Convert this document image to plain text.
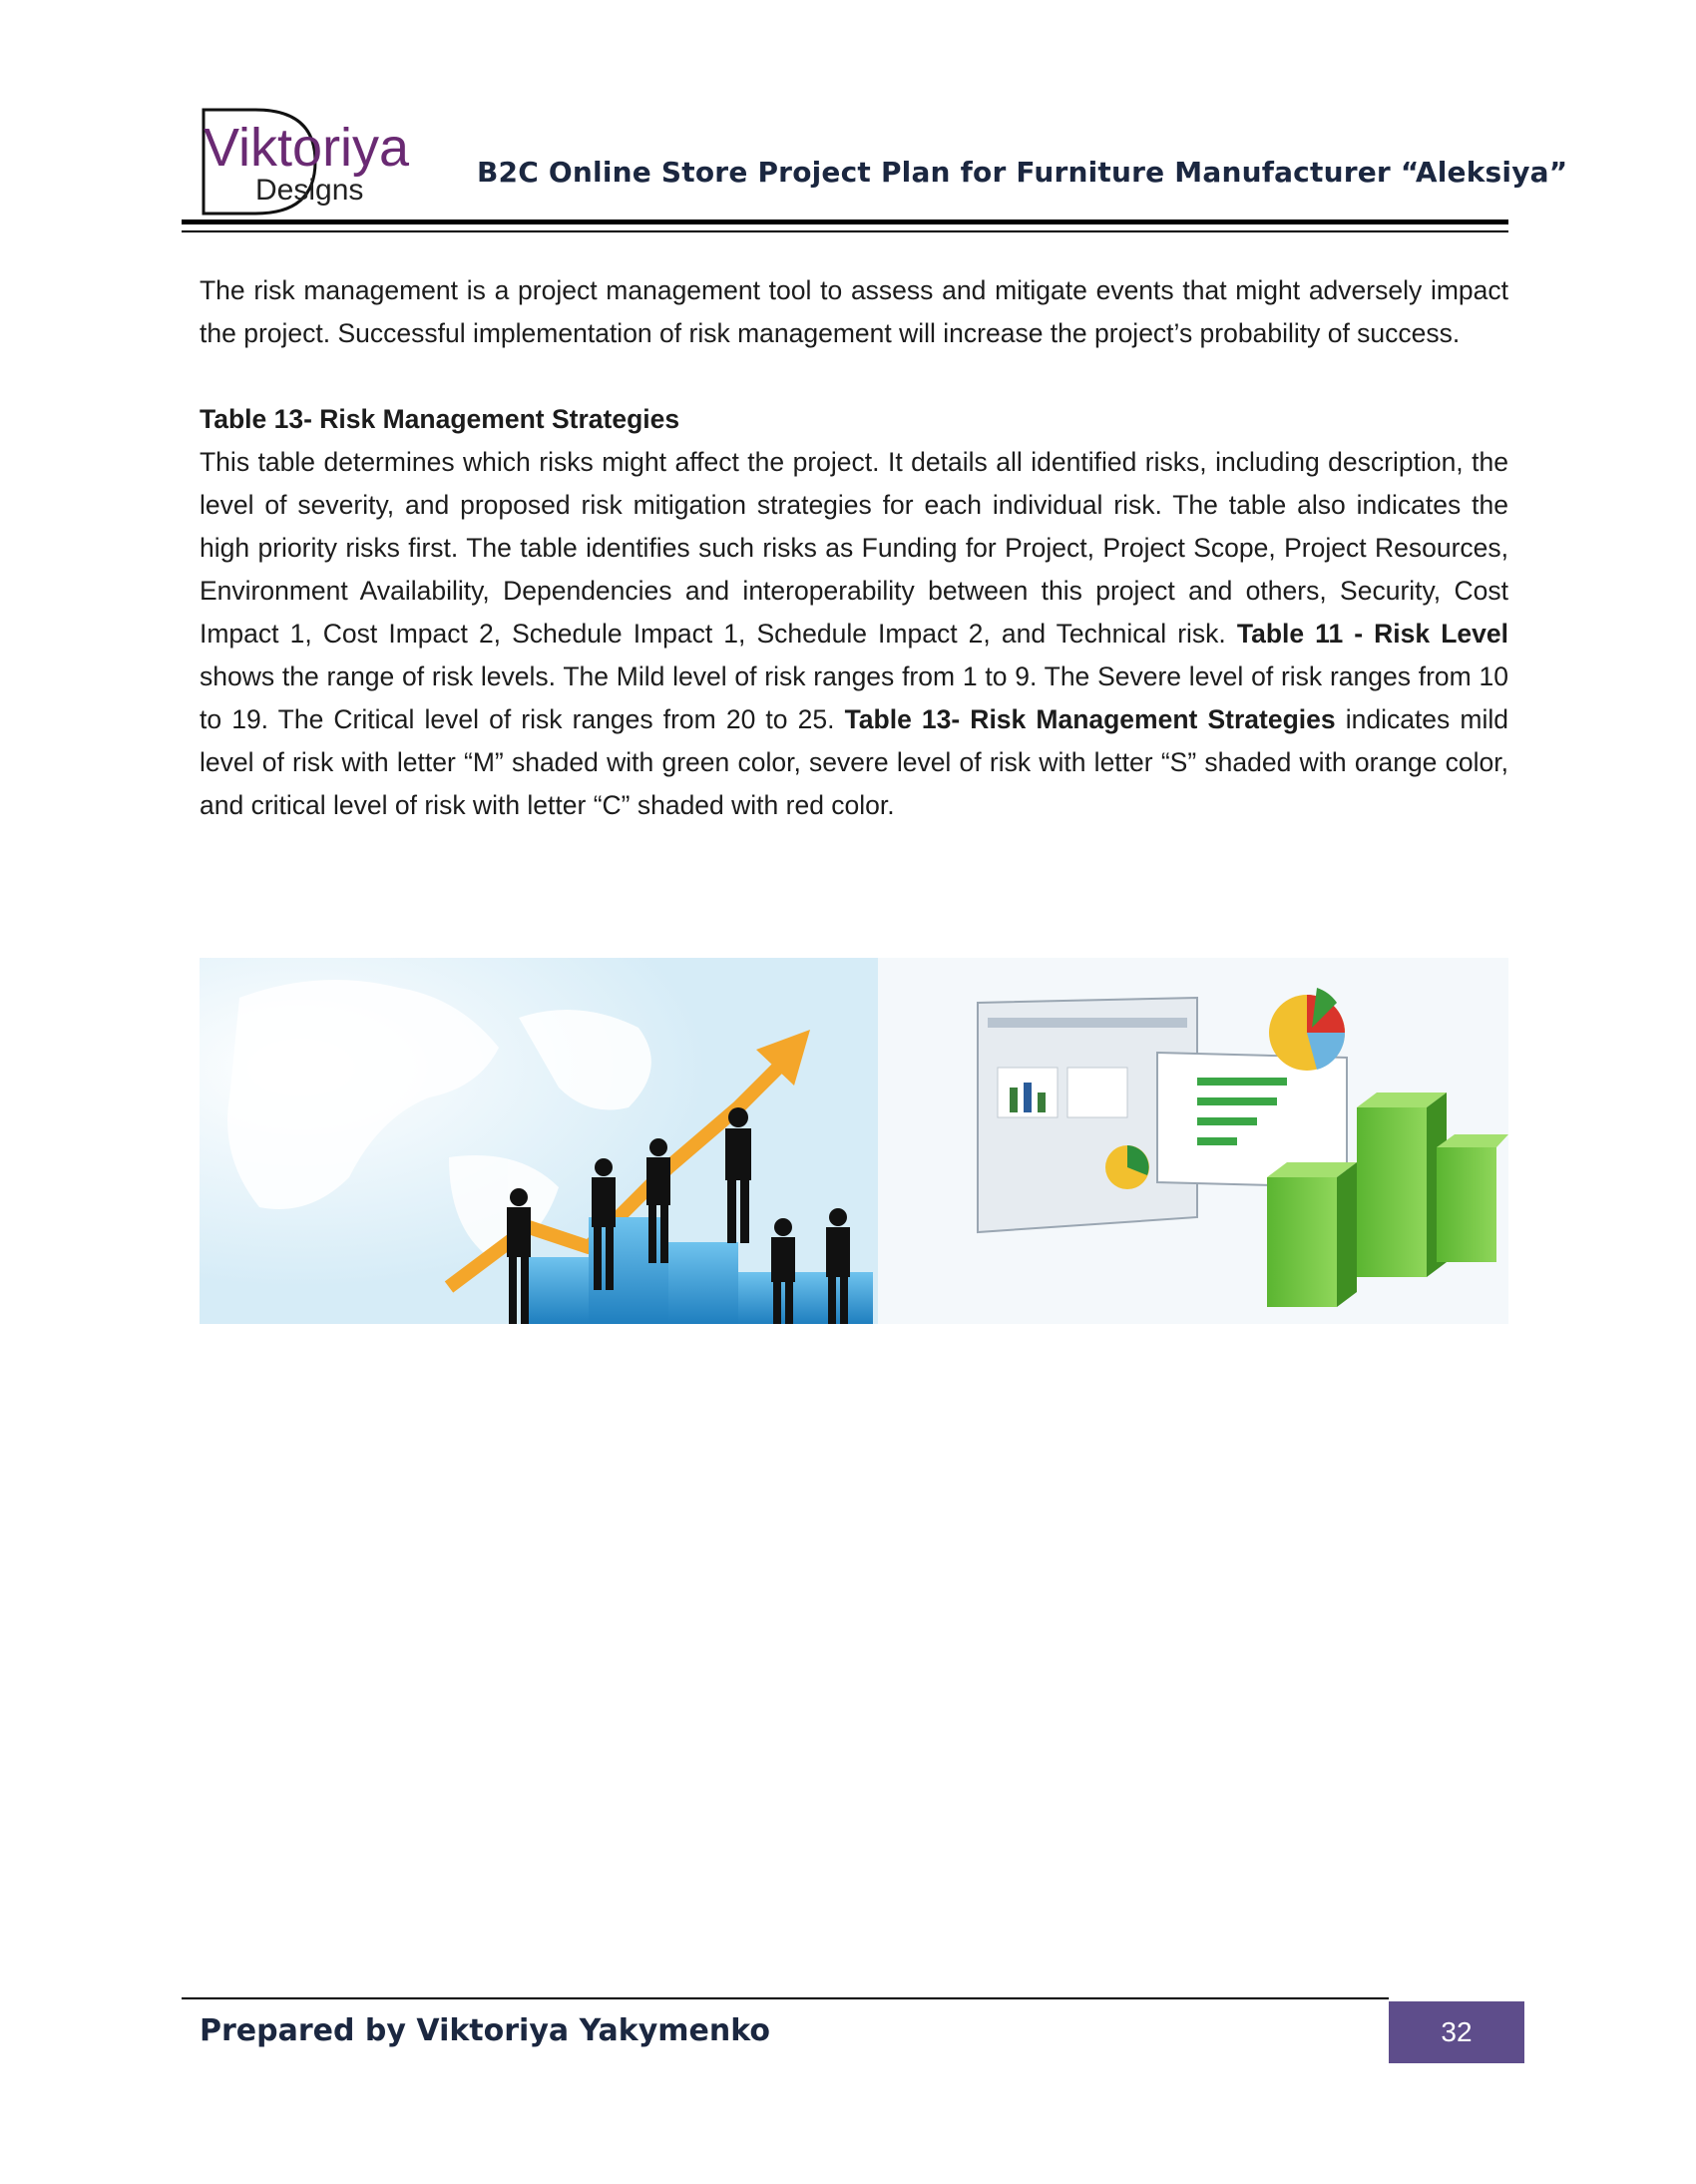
Viktoriya
Designs
B2C Online Store Project Plan for Furniture Manufacturer “Aleksiya”

The risk management is a project management tool to assess and mitigate events that might adversely impact the project. Successful implementation of risk management will increase the project’s probability of success.

Table 13- Risk Management Strategies

This table determines which risks might affect the project. It details all identified risks, including description, the level of severity, and proposed risk mitigation strategies for each individual risk. The table also indicates the high priority risks first. The table identifies such risks as Funding for Project, Project Scope, Project Resources, Environment Availability, Dependencies and interoperability between this project and others, Security, Cost Impact 1, Cost Impact 2, Schedule Impact 1, Schedule Impact 2, and Technical risk. Table 11 - Risk Level shows the range of risk levels. The Mild level of risk ranges from 1 to 9. The Severe level of risk ranges from 10 to 19. The Critical level of risk ranges from 20 to 25. Table 13- Risk Management Strategies indicates mild level of risk with letter “M” shaded with green color, severe level of risk with letter “S” shaded with orange color, and critical level of risk with letter “C” shaded with red color.

Prepared by Viktoriya Yakymenko	32
